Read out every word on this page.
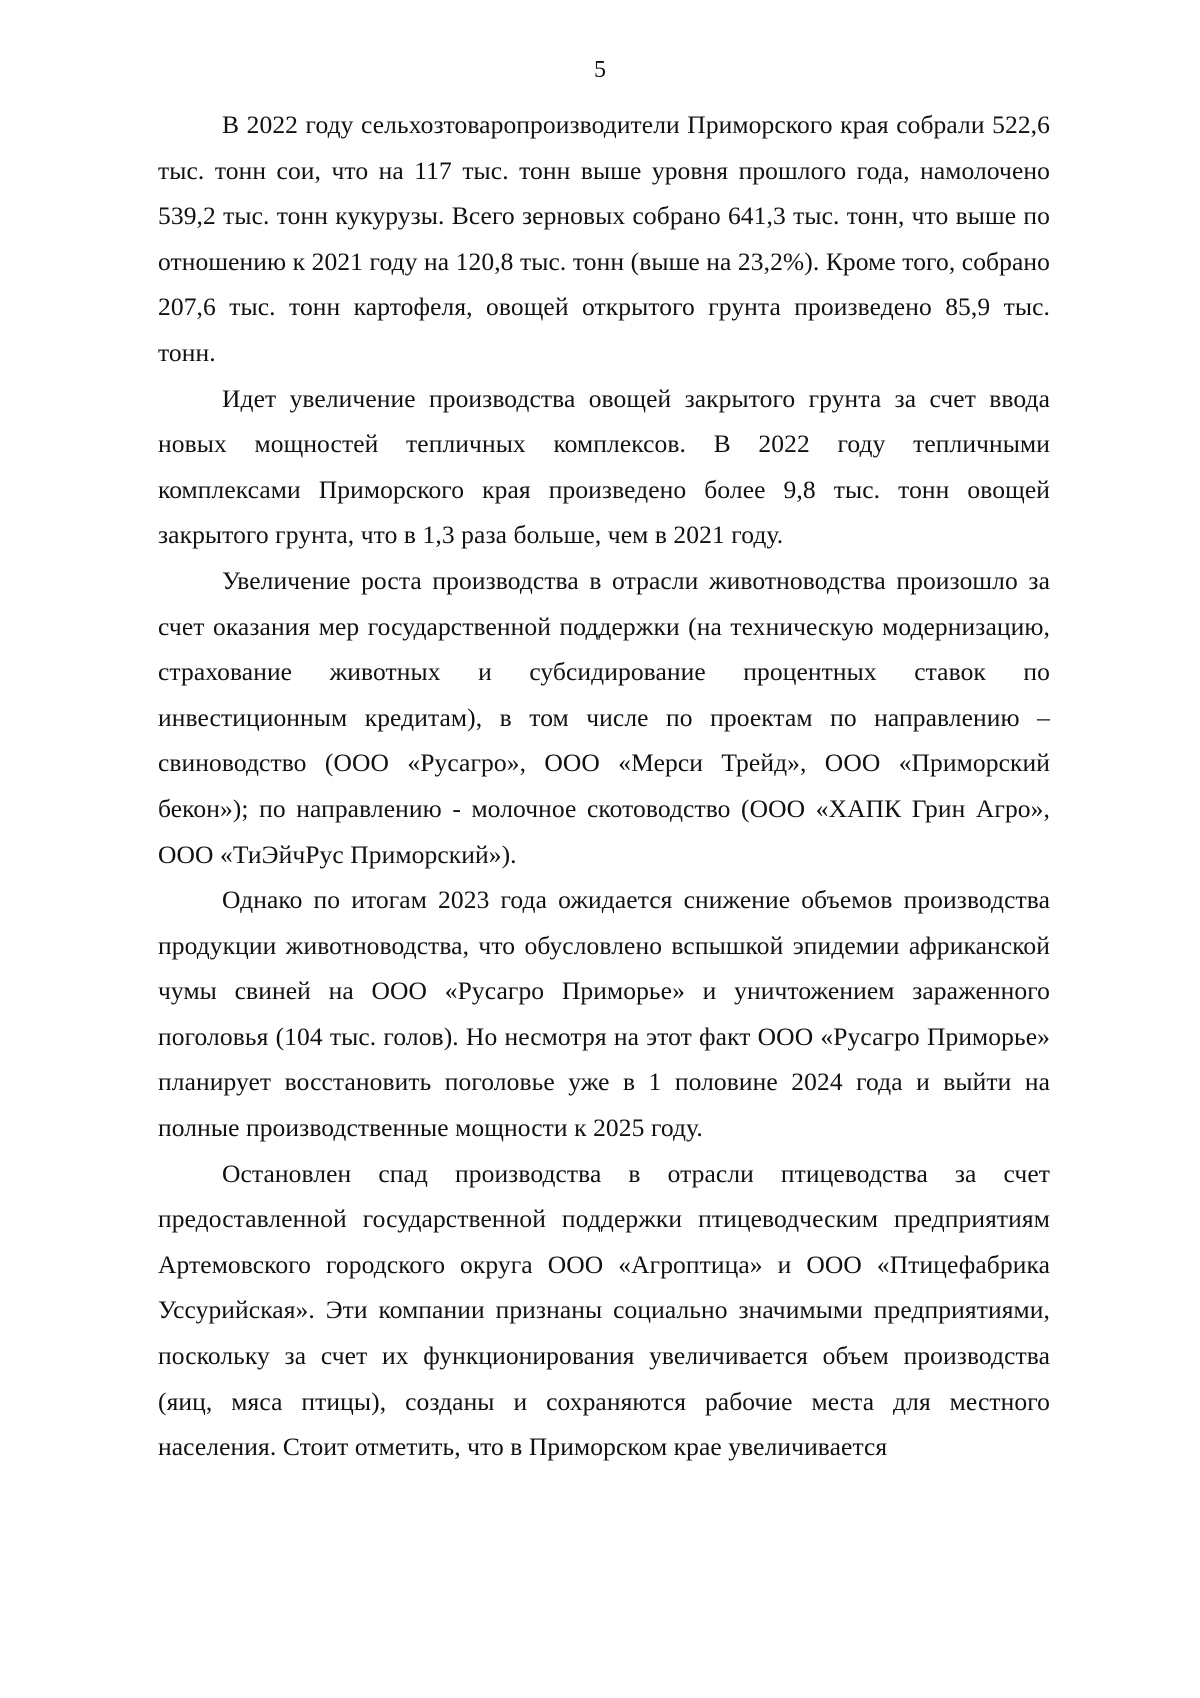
5

В 2022 году сельхозтоваропроизводители Приморского края собрали 522,6 тыс. тонн сои, что на 117 тыс. тонн выше уровня прошлого года, намолочено 539,2 тыс. тонн кукурузы. Всего зерновых собрано 641,3 тыс. тонн, что выше по отношению к 2021 году на 120,8 тыс. тонн (выше на 23,2%). Кроме того, собрано 207,6 тыс. тонн картофеля, овощей открытого грунта произведено 85,9 тыс. тонн.

Идет увеличение производства овощей закрытого грунта за счет ввода новых мощностей тепличных комплексов. В 2022 году тепличными комплексами Приморского края произведено более 9,8 тыс. тонн овощей закрытого грунта, что в 1,3 раза больше, чем в 2021 году.

Увеличение роста производства в отрасли животноводства произошло за счет оказания мер государственной поддержки (на техническую модернизацию, страхование животных и субсидирование процентных ставок по инвестиционным кредитам), в том числе по проектам по направлению – свиноводство (ООО «Русагро», ООО «Мерси Трейд», ООО «Приморский бекон»); по направлению - молочное скотоводство (ООО «ХАПК Грин Агро», ООО «ТиЭйчРус Приморский»).

Однако по итогам 2023 года ожидается снижение объемов производства продукции животноводства, что обусловлено вспышкой эпидемии африканской чумы свиней на ООО «Русагро Приморье» и уничтожением зараженного поголовья (104 тыс. голов). Но несмотря на этот факт ООО «Русагро Приморье» планирует восстановить поголовье уже в 1 половине 2024 года и выйти на полные производственные мощности к 2025 году.

Остановлен спад производства в отрасли птицеводства за счет предоставленной государственной поддержки птицеводческим предприятиям Артемовского городского округа ООО «Агроптица» и ООО «Птицефабрика Уссурийская». Эти компании признаны социально значимыми предприятиями, поскольку за счет их функционирования увеличивается объем производства (яиц, мяса птицы), созданы и сохраняются рабочие места для местного населения. Стоит отметить, что в Приморском крае увеличивается
